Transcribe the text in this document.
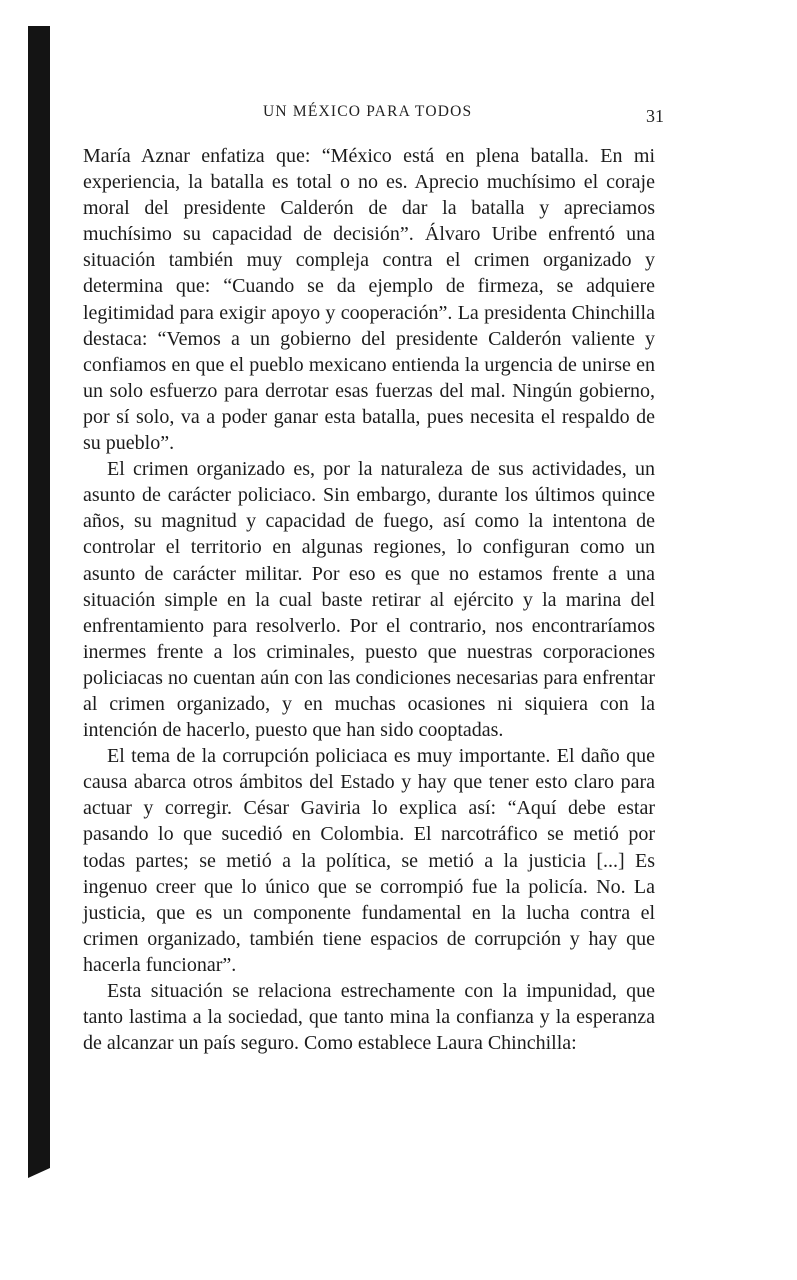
UN MÉXICO PARA TODOS	31

María Aznar enfatiza que: “México está en plena batalla. En mi experiencia, la batalla es total o no es. Aprecio muchísimo el coraje moral del presidente Calderón de dar la batalla y apreciamos muchísimo su capacidad de decisión”. Álvaro Uribe enfrentó una situación también muy compleja contra el crimen organizado y determina que: “Cuando se da ejemplo de firmeza, se adquiere legitimidad para exigir apoyo y cooperación”. La presidenta Chinchilla destaca: “Vemos a un gobierno del presidente Calderón valiente y confiamos en que el pueblo mexicano entienda la urgencia de unirse en un solo esfuerzo para derrotar esas fuerzas del mal. Ningún gobierno, por sí solo, va a poder ganar esta batalla, pues necesita el respaldo de su pueblo”.

El crimen organizado es, por la naturaleza de sus actividades, un asunto de carácter policiaco. Sin embargo, durante los últimos quince años, su magnitud y capacidad de fuego, así como la intentona de controlar el territorio en algunas regiones, lo configuran como un asunto de carácter militar. Por eso es que no estamos frente a una situación simple en la cual baste retirar al ejército y la marina del enfrentamiento para resolverlo. Por el contrario, nos encontraríamos inermes frente a los criminales, puesto que nuestras corporaciones policiacas no cuentan aún con las condiciones necesarias para enfrentar al crimen organizado, y en muchas ocasiones ni siquiera con la intención de hacerlo, puesto que han sido cooptadas.

El tema de la corrupción policiaca es muy importante. El daño que causa abarca otros ámbitos del Estado y hay que tener esto claro para actuar y corregir. César Gaviria lo explica así: “Aquí debe estar pasando lo que sucedió en Colombia. El narcotráfico se metió por todas partes; se metió a la política, se metió a la justicia [...] Es ingenuo creer que lo único que se corrompió fue la policía. No. La justicia, que es un componente fundamental en la lucha contra el crimen organizado, también tiene espacios de corrupción y hay que hacerla funcionar”.

Esta situación se relaciona estrechamente con la impunidad, que tanto lastima a la sociedad, que tanto mina la confianza y la esperanza de alcanzar un país seguro. Como establece Laura Chinchilla:
